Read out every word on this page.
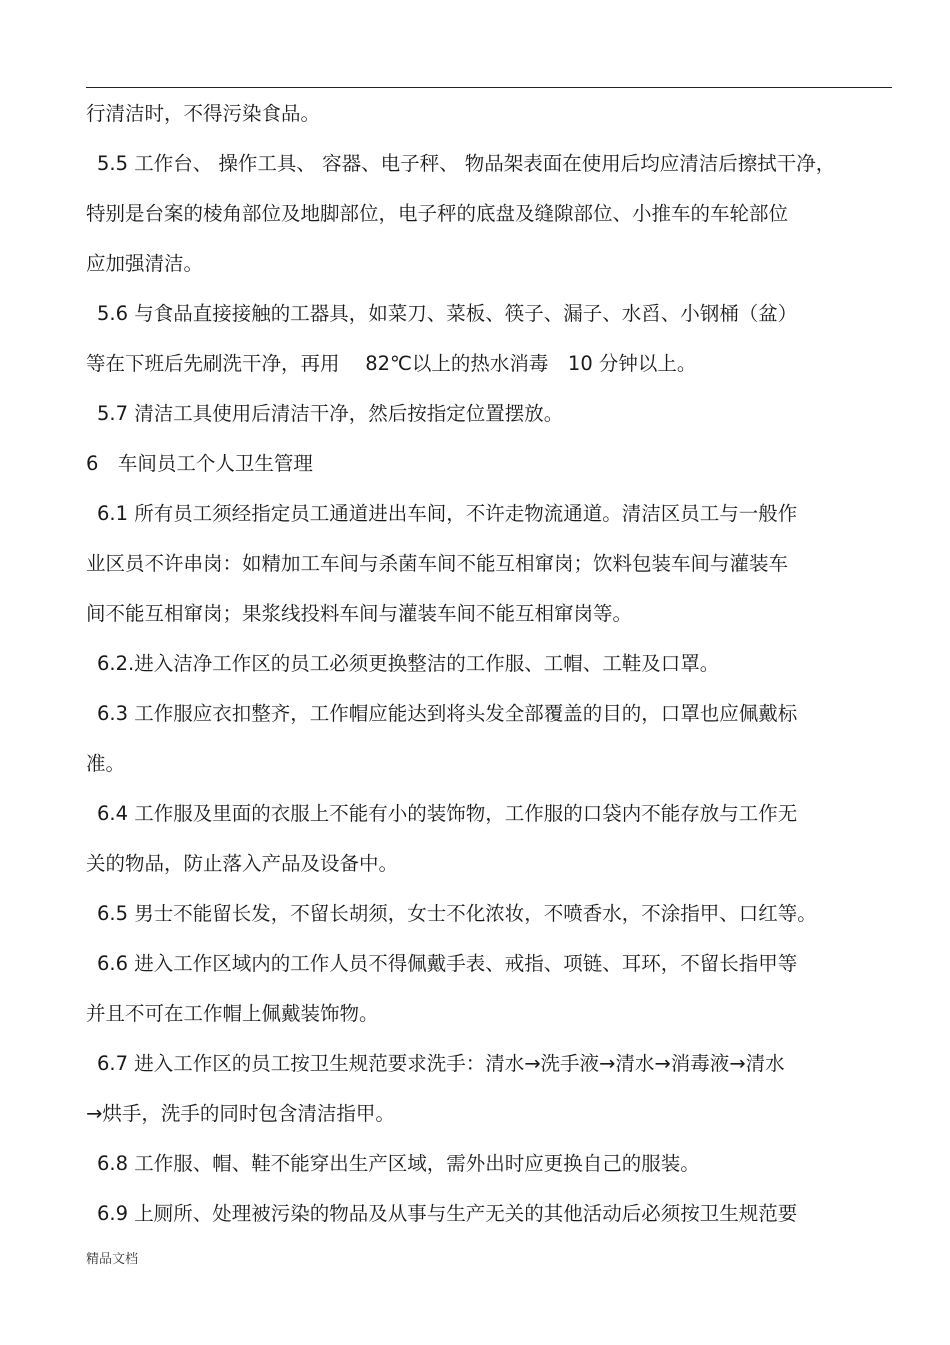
行清洁时，不得污染食品。
5.5 工作台、 操作工具、 容器、电子秤、 物品架表面在使用后均应清洁后擦拭干净，
特别是台案的棱角部位及地脚部位，电子秤的底盘及缝隙部位、小推车的车轮部位
应加强清洁。
5.6 与食品直接接触的工器具，如菜刀、菜板、筷子、漏子、水舀、小钢桶（盆）
等在下班后先刷洗干净，再用　 82℃以上的热水消毒　10 分钟以上。
5.7 清洁工具使用后清洁干净，然后按指定位置摆放。
6　车间员工个人卫生管理
6.1 所有员工须经指定员工通道进出车间，不许走物流通道。清洁区员工与一般作
业区员不许串岗：如精加工车间与杀菌车间不能互相窜岗；饮料包装车间与灌装车
间不能互相窜岗；果浆线投料车间与灌装车间不能互相窜岗等。
6.2.进入洁净工作区的员工必须更换整洁的工作服、工帽、工鞋及口罩。
6.3 工作服应衣扣整齐，工作帽应能达到将头发全部覆盖的目的，口罩也应佩戴标
准。
6.4 工作服及里面的衣服上不能有小的装饰物，工作服的口袋内不能存放与工作无
关的物品，防止落入产品及设备中。
6.5 男士不能留长发，不留长胡须，女士不化浓妆，不喷香水，不涂指甲、口红等。
6.6 进入工作区域内的工作人员不得佩戴手表、戒指、项链、耳环，不留长指甲等
并且不可在工作帽上佩戴装饰物。
6.7 进入工作区的员工按卫生规范要求洗手：清水→洗手液→清水→消毒液→清水
→烘手，洗手的同时包含清洁指甲。
6.8 工作服、帽、鞋不能穿出生产区域，需外出时应更换自己的服装。
6.9 上厕所、处理被污染的物品及从事与生产无关的其他活动后必须按卫生规范要
精品文档
